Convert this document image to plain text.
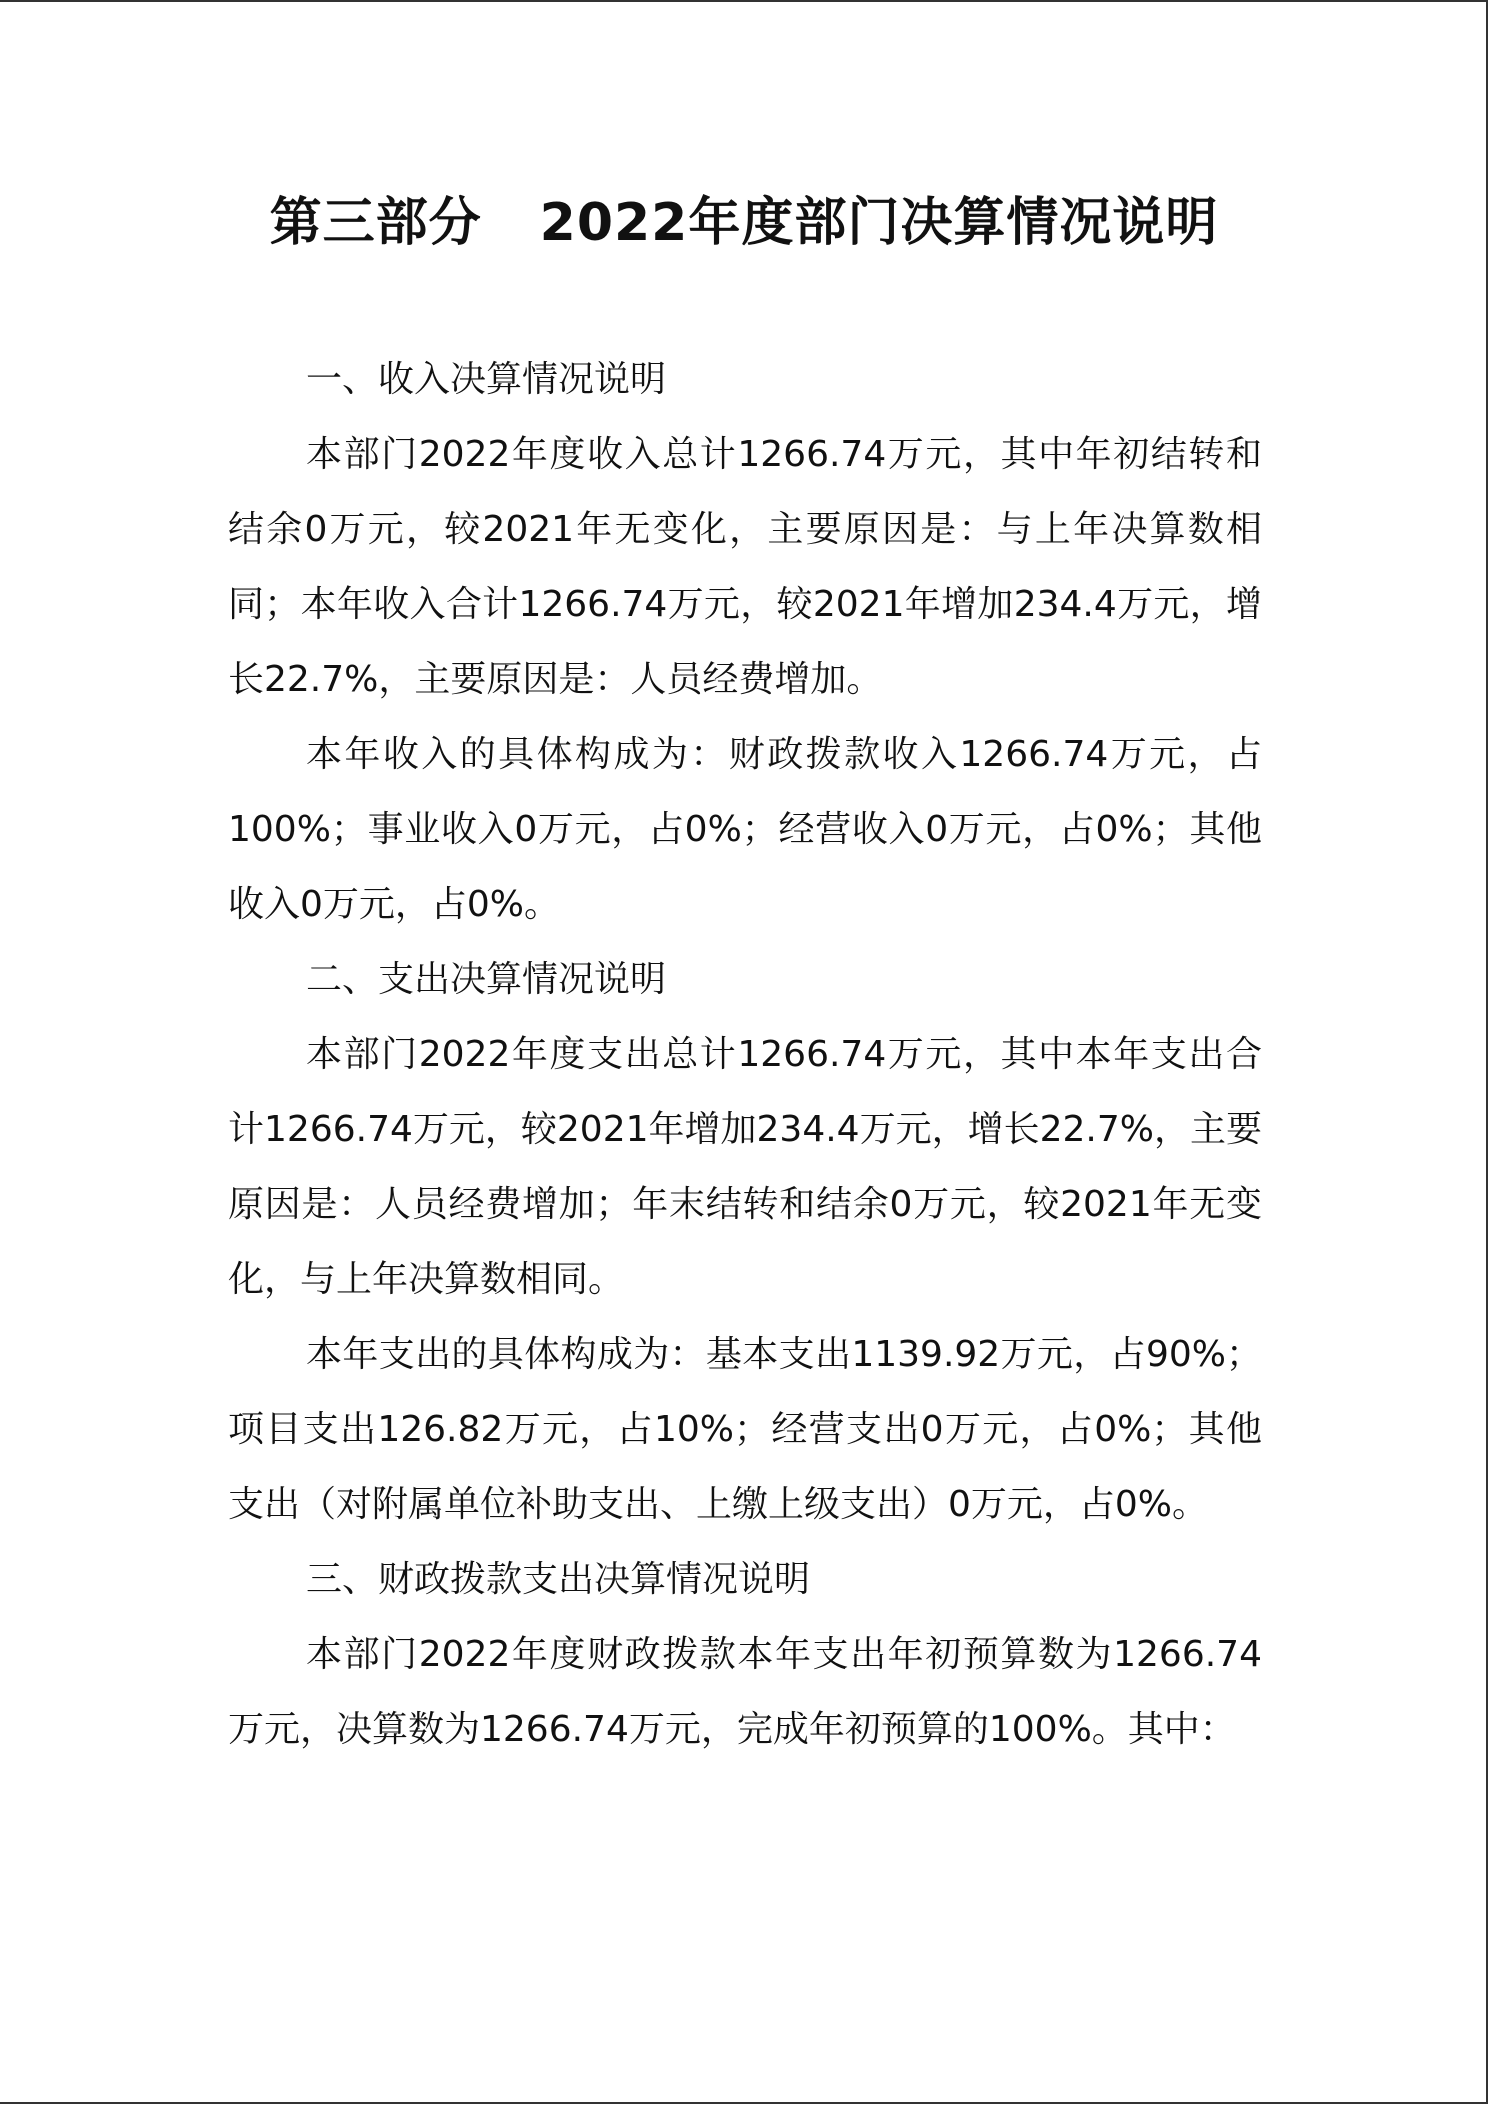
第三部分 2022年度部门决算情况说明

一、收入决算情况说明

本部门2022年度收入总计1266.74万元，其中年初结转和结余0万元，较2021年无变化，主要原因是：与上年决算数相同；本年收入合计1266.74万元，较2021年增加234.4万元，增长22.7%，主要原因是：人员经费增加。

本年收入的具体构成为：财政拨款收入1266.74万元，占100%；事业收入0万元，占0%；经营收入0万元，占0%；其他收入0万元，占0%。

二、支出决算情况说明

本部门2022年度支出总计1266.74万元，其中本年支出合计1266.74万元，较2021年增加234.4万元，增长22.7%，主要原因是：人员经费增加；年末结转和结余0万元，较2021年无变化，与上年决算数相同。

本年支出的具体构成为：基本支出1139.92万元，占90%；项目支出126.82万元，占10%；经营支出0万元，占0%；其他支出（对附属单位补助支出、上缴上级支出）0万元，占0%。

三、财政拨款支出决算情况说明

本部门2022年度财政拨款本年支出年初预算数为1266.74万元，决算数为1266.74万元，完成年初预算的100%。其中：
